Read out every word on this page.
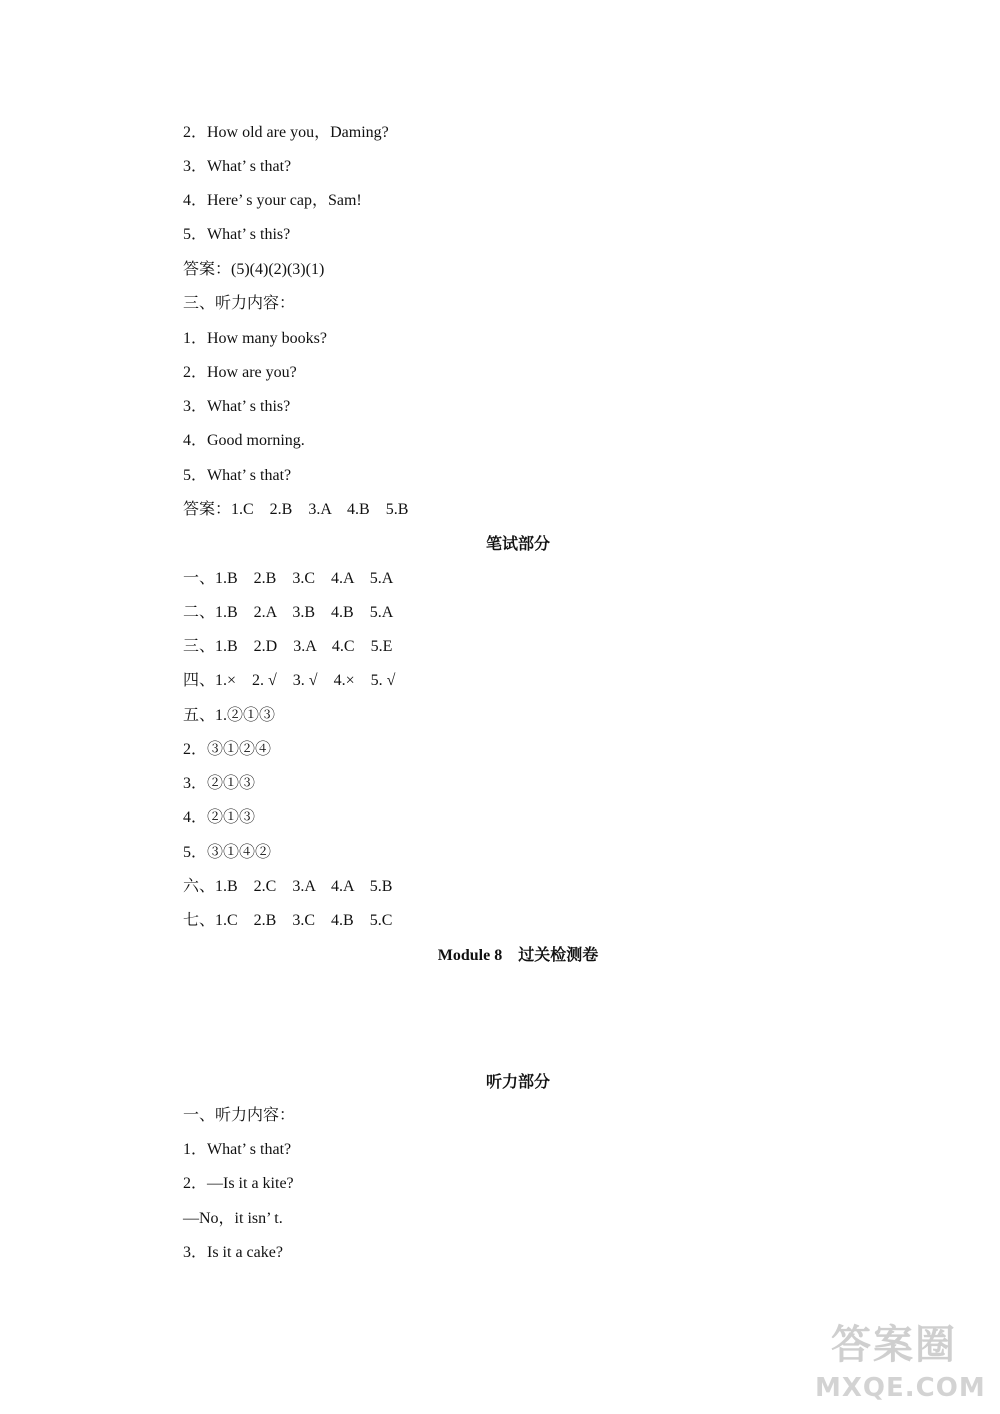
2．How old are you，Daming?
3．What’ s that?
4．Here’ s your cap，Sam!
5．What’ s this?
答案：(5)(4)(2)(3)(1)
三、听力内容：
1．How many books?
2．How are you?
3．What’ s this?
4．Good morning.
5．What’ s that?
答案：1.C　2.B　3.A　4.B　5.B
笔试部分
一、1.B　2.B　3.C　4.A　5.A
二、1.B　2.A　3.B　4.B　5.A
三、1.B　2.D　3.A　4.C　5.E
四、1.×　2. √　3. √　4.×　5. √
五、1.②①③
2．③①②④
3．②①③
4．②①③
5．③①④②
六、1.B　2.C　3.A　4.A　5.B
七、1.C　2.B　3.C　4.B　5.C
Module 8　过关检测卷
听力部分
一、听力内容：
1．What’ s that?
2．—Is it a kite?
—No，it isn’ t.
3．Is it a cake?
答案圈
MXQE.COM
